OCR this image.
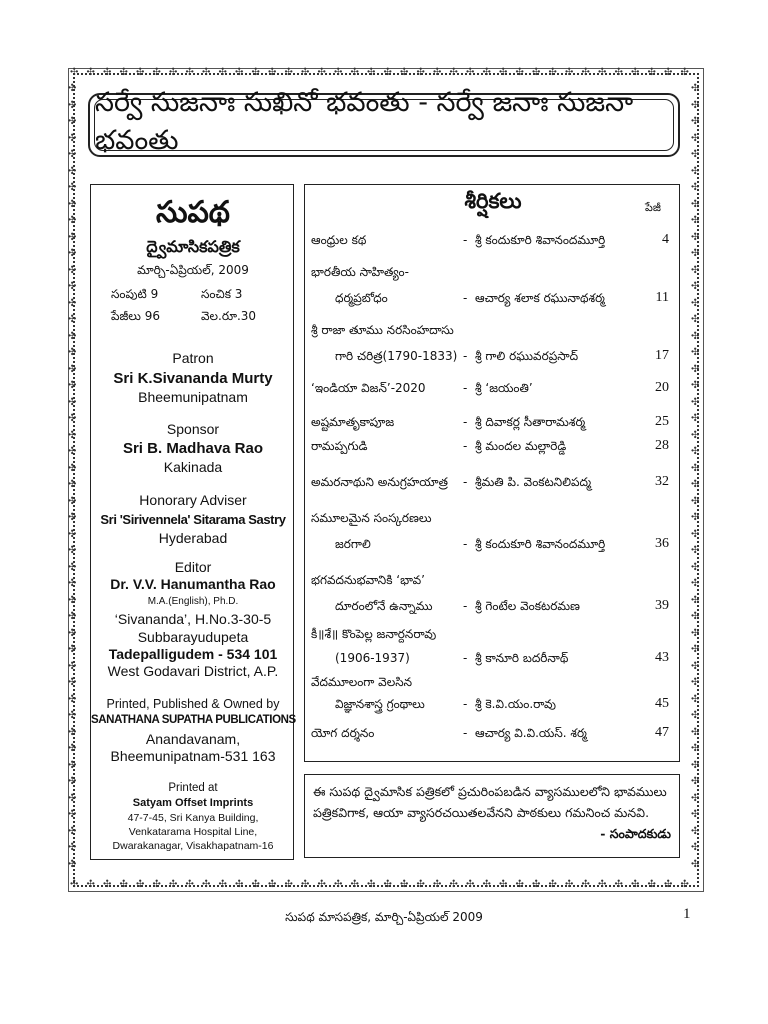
✣
✣
✣
✣
✣
✣
✣
✣
✣
✣
✣
✣
✣
✣
✣
✣
✣
✣
✣
✣
✣
✣
✣
✣
✣
✣
✣
✣
✣
✣
✣
✣
✣
✣
✣
✣
✣
✣
✣
✣
✣
✣
✣
✣
✣
✣
✣
✣
✣
✣
✣
✣
✣
✣
✣
✣
✣
✣
✣
✣
✣
✣
✣
✣
✣
✣
✣
✣
✣
✣
✣
✣
✣
✣
✣
✣
✣	✣
✣	✣
✣	✣
✣	✣
✣	✣
✣	✣
✣	✣
✣	✣
✣	✣
✣	✣
✣	✣
✣	✣
✣	✣
✣	✣
✣	✣
✣	✣
✣	✣
✣	✣
✣	✣
✣	✣
✣	✣
✣	✣
✣	✣
✣	✣
✣	✣
✣	✣
✣	✣
✣	✣
✣	✣
✣	✣
✣	✣
✣	✣
✣	✣
✣	✣
✣	✣
✣	✣
✣	✣
✣	✣
✣	✣
✣	✣
✣	✣
✣	✣
✣	✣
✣	✣
✣	✣
✣	✣
✣	✣
✣	✣
సర్వే సుజనాః సుఖినో భవంతు - సర్వే జనాః సుజనా భవంతు
సుపథ
ద్వైమాసికపత్రిక
మార్చి-ఏప్రియల్, 2009
సంపుటి 9	సంచిక 3
పేజీలు 96	వెల.రూ.30
Patron
Sri K.Sivananda Murty
Bheemunipatnam
Sponsor
Sri B. Madhava Rao
Kakinada
Honorary Adviser
Sri 'Sirivennela' Sitarama Sastry
Hyderabad
Editor
Dr. V.V. Hanumantha Rao
M.A.(English), Ph.D.
‘Sivananda’, H.No.3-30-5
Subbarayudupeta
Tadepalligudem - 534 101
West Godavari District, A.P.
Printed, Published & Owned by
SANATHANA SUPATHA PUBLICATIONS
Anandavanam,
Bheemunipatnam-531 163
Printed at
Satyam Offset Imprints
47-7-45, Sri Kanya Building,
Venkatarama Hospital Line,
Dwarakanagar, Visakhapatnam-16
శీర్షికలు	పేజీ
ఆంధ్రుల కథ	- శ్రీ కందుకూరి శివానందమూర్తి	4
భారతీయ సాహిత్యం-
ధర్మప్రబోధం	- ఆచార్య శలాక రఘునాథశర్మ	11
శ్రీ రాజా తూము నరసింహదాసు
గారి చరిత్ర(1790-1833) - శ్రీ గాలి రఘువరప్రసాద్	17
‘ఇండియా విజన్’-2020	- శ్రీ ‘జయంతి’	20
అష్టమాతృకాపూజ	- శ్రీ దివాకర్ల సీతారామశర్మ	25
రామప్పగుడి	- శ్రీ మందల మల్లారెడ్డి	28
అమరనాథుని అనుగ్రహయాత్ర - శ్రీమతి పి. వెంకటనిలిపద్మ	32
సమూలమైన సంస్కరణలు
జరగాలి	- శ్రీ కందుకూరి శివానందమూర్తి	36
భగవదనుభవానికి ‘భావ’
దూరంలోనే ఉన్నాము	- శ్రీ గెంటేల వెంకటరమణ	39
కీ॥శే॥ కొంపెల్ల జనార్దనరావు
(1906-1937)	- శ్రీ కానూరి బదరీనాథ్	43
వేదమూలంగా వెలసిన
విజ్ఞానశాస్త్ర గ్రంథాలు	- శ్రీ కె.వి.యం.రావు	45
యోగ దర్శనం	- ఆచార్య వి.వి.యస్. శర్మ	47
ఈ సుపథ ద్వైమాసిక పత్రికలో ప్రచురింపబడిన వ్యాసములలోని భావములు
పత్రికవిగాక, ఆయా వ్యాసరచయితలవేనని పాఠకులు గమనించ మనవి.
- సంపాదకుడు
సుపథ మాసపత్రిక, మార్చి-ఏప్రియల్ 2009	1
